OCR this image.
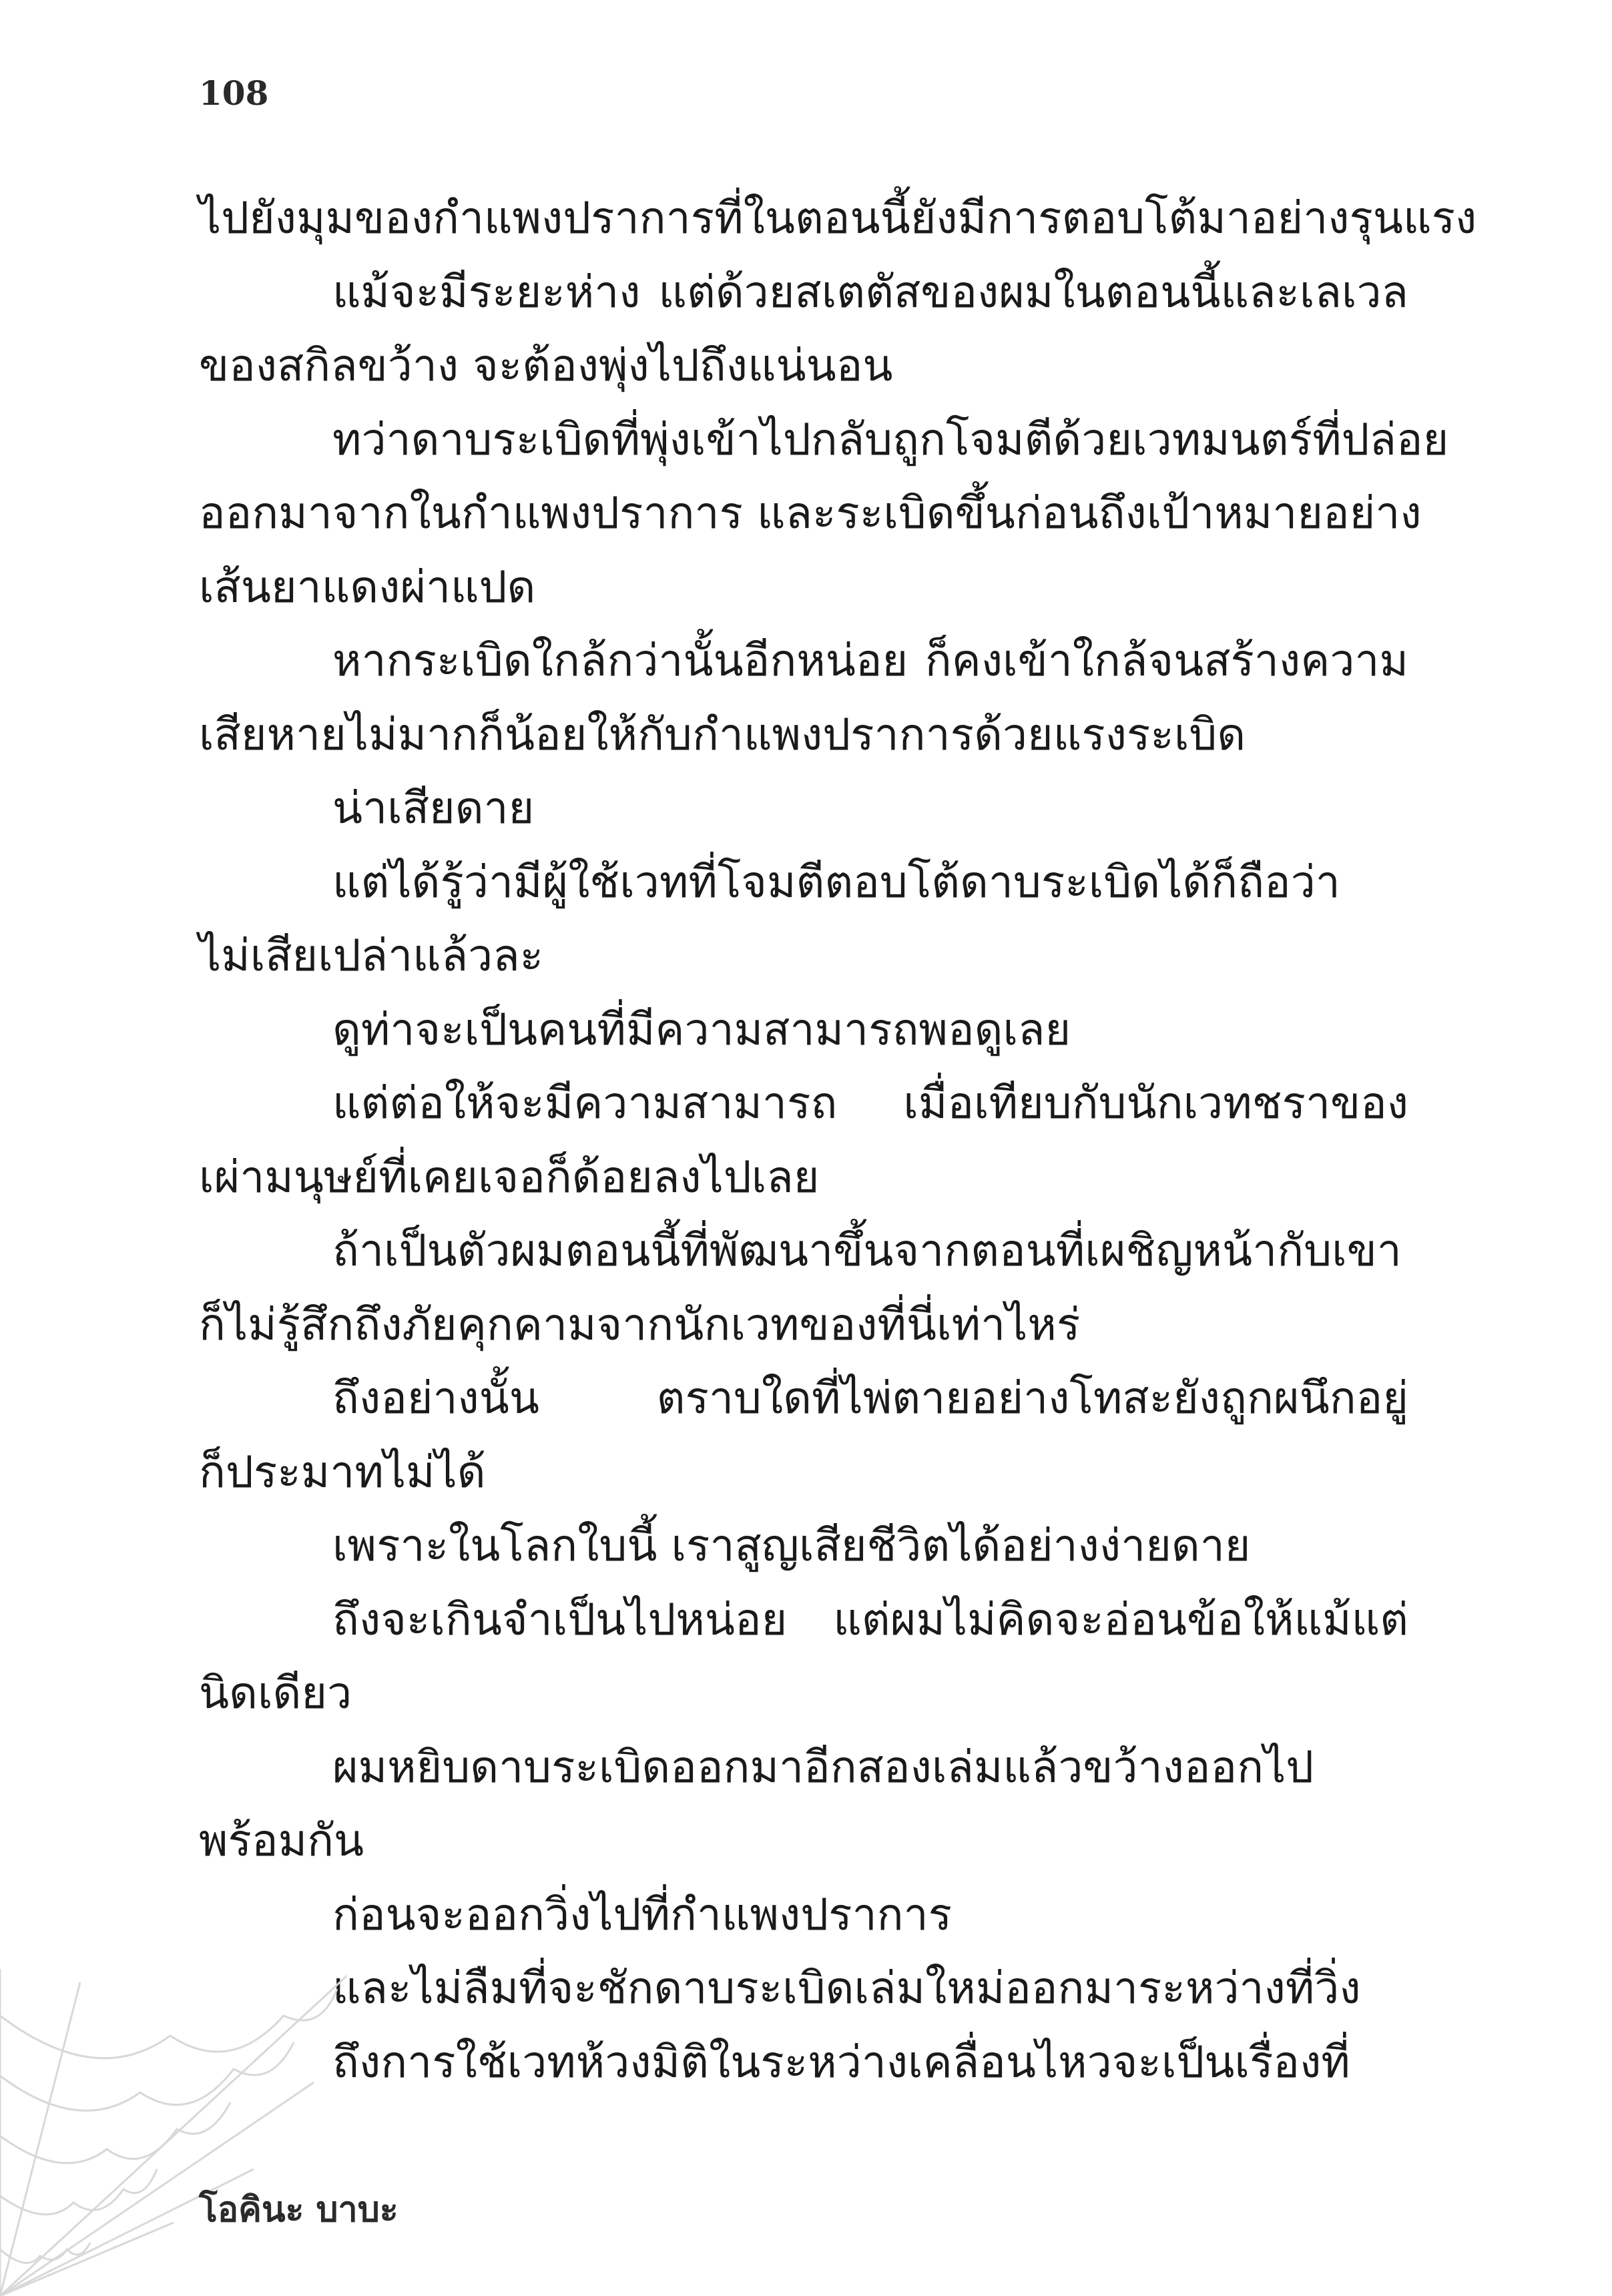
108
ไปยังมุมของกำแพงปราการที่ในตอนนี้ยังมีการตอบโต้มาอย่างรุนแรง
แม้จะมีระยะห่าง แต่ด้วยสเตตัสของผมในตอนนี้และเลเวล
ของสกิลขว้าง จะต้องพุ่งไปถึงแน่นอน
ทว่าดาบระเบิดที่พุ่งเข้าไปกลับถูกโจมตีด้วยเวทมนตร์ที่ปล่อย
ออกมาจากในกำแพงปราการ และระเบิดขึ้นก่อนถึงเป้าหมายอย่าง
เส้นยาแดงผ่าแปด
หากระเบิดใกล้กว่านั้นอีกหน่อย ก็คงเข้าใกล้จนสร้างความ
เสียหายไม่มากก็น้อยให้กับกำแพงปราการด้วยแรงระเบิด
น่าเสียดาย
แต่ได้รู้ว่ามีผู้ใช้เวทที่โจมตีตอบโต้ดาบระเบิดได้ก็ถือว่า
ไม่เสียเปล่าแล้วละ
ดูท่าจะเป็นคนที่มีความสามารถพอดูเลย
แต่ต่อให้จะมีความสามารถ เมื่อเทียบกับนักเวทชราของ
เผ่ามนุษย์ที่เคยเจอก็ด้อยลงไปเลย
ถ้าเป็นตัวผมตอนนี้ที่พัฒนาขึ้นจากตอนที่เผชิญหน้ากับเขา
ก็ไม่รู้สึกถึงภัยคุกคามจากนักเวทของที่นี่เท่าไหร่
ถึงอย่างนั้น ตราบใดที่ไพ่ตายอย่างโทสะยังถูกผนึกอยู่
ก็ประมาทไม่ได้
เพราะในโลกใบนี้ เราสูญเสียชีวิตได้อย่างง่ายดาย
ถึงจะเกินจำเป็นไปหน่อย แต่ผมไม่คิดจะอ่อนข้อให้แม้แต่
นิดเดียว
ผมหยิบดาบระเบิดออกมาอีกสองเล่มแล้วขว้างออกไป
พร้อมกัน
ก่อนจะออกวิ่งไปที่กำแพงปราการ
และไม่ลืมที่จะชักดาบระเบิดเล่มใหม่ออกมาระหว่างที่วิ่ง
ถึงการใช้เวทห้วงมิติในระหว่างเคลื่อนไหวจะเป็นเรื่องที่
โอคินะ บาบะ
